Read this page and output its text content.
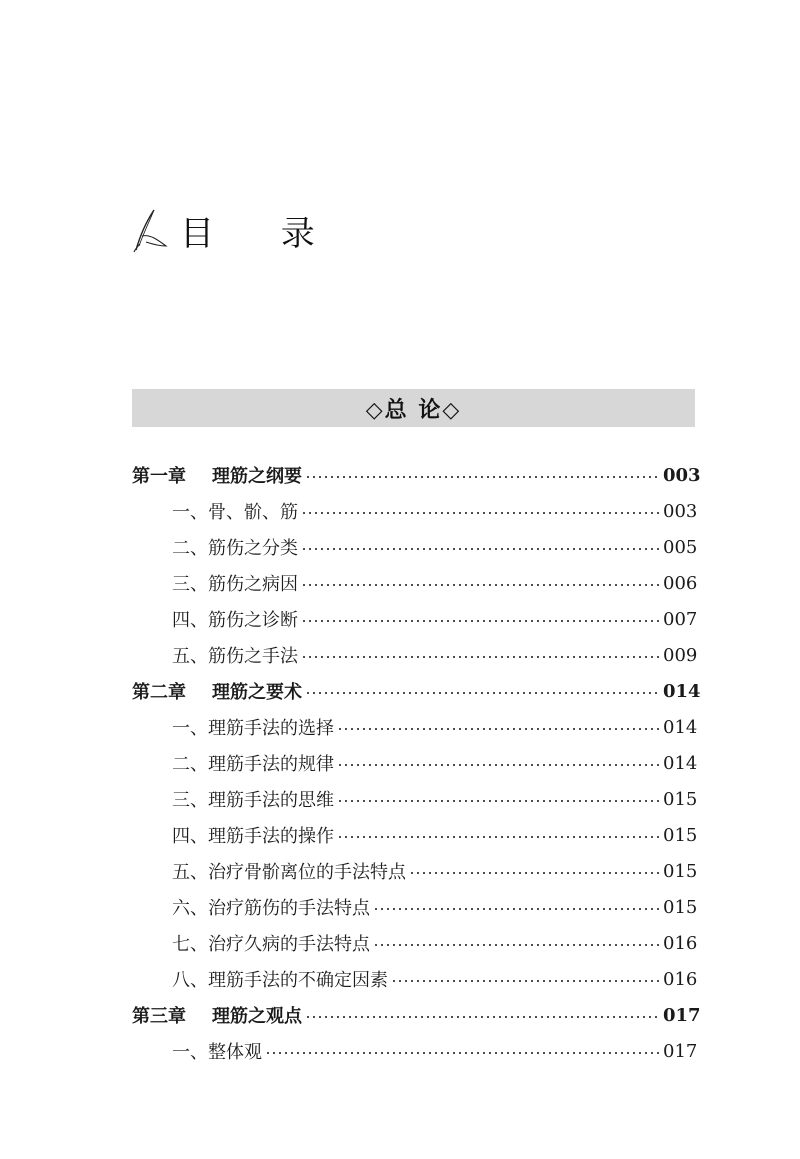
目 录
◇总 论◇
第一章 理筋之纲要	003
一、骨、骱、筋	003
二、筋伤之分类	005
三、筋伤之病因	006
四、筋伤之诊断	007
五、筋伤之手法	009
第二章 理筋之要术	014
一、理筋手法的选择	014
二、理筋手法的规律	014
三、理筋手法的思维	015
四、理筋手法的操作	015
五、治疗骨骱离位的手法特点	015
六、治疗筋伤的手法特点	015
七、治疗久病的手法特点	016
八、理筋手法的不确定因素	016
第三章 理筋之观点	017
一、整体观	017
